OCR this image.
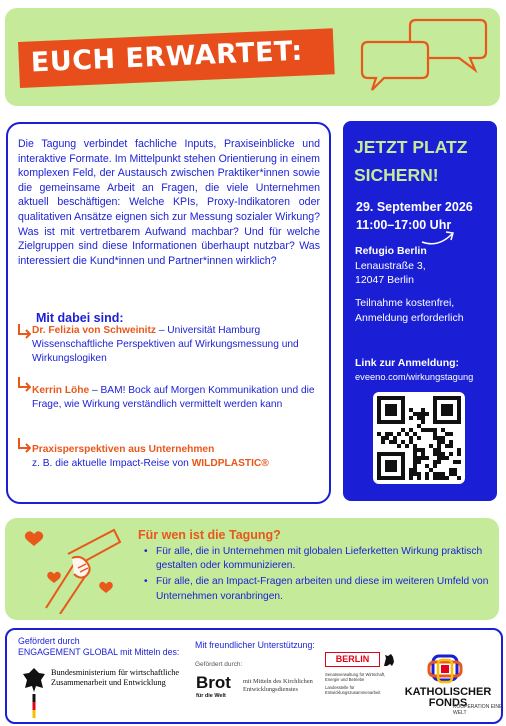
EUCH ERWARTET:
Die Tagung verbindet fachliche Inputs, Praxiseinblicke und interaktive Formate. Im Mittelpunkt stehen Orientierung in einem komplexen Feld, der Austausch zwischen Praktiker*innen sowie die gemeinsame Arbeit an Fragen, die viele Unternehmen aktuell beschäftigen: Welche KPIs, Proxy-Indikatoren oder qualitativen Ansätze eignen sich zur Messung sozialer Wirkung? Was ist mit vertretbarem Aufwand machbar? Und für welche Zielgruppen sind diese Informationen überhaupt nutzbar? Was interessiert die Kund*innen und Partner*innen wirklich?
Mit dabei sind:
Dr. Felizia von Schweinitz – Universität Hamburg Wissenschaftliche Perspektiven auf Wirkungsmessung und Wirkungslogiken
Kerrin Löhe – BAM! Bock auf Morgen Kommunikation und die Frage, wie Wirkung verständlich vermittelt werden kann
Praxisperspektiven aus Unternehmen
z. B. die aktuelle Impact-Reise von WILDPLASTIC®
JETZT PLATZ SICHERN!
29. September 2026
11:00–17:00 Uhr
Refugio Berlin
Lenaustraße 3,
12047 Berlin
Teilnahme kostenfrei,
Anmeldung erforderlich
Link zur Anmeldung:
eveeno.com/wirkungstagung
Für wen ist die Tagung?
• Für alle, die in Unternehmen mit globalen Lieferketten Wirkung praktisch gestalten oder kommunizieren.
• Für alle, die an Impact-Fragen arbeiten und diese im weiteren Umfeld von Unternehmen voranbringen.
Gefördert durch
ENGAGEMENT GLOBAL mit Mitteln des:
Bundesministerium für wirtschaftliche Zusammenarbeit und Entwicklung
Mit freundlicher Unterstützung:
Gefördert durch:
Brot
für die Welt
mit Mitteln des Kirchlichen Entwicklungsdienstes
BERLIN
Senatsverwaltung für Wirtschaft, Energie und Betriebe
Landesstelle für Entwicklungszusammenarbeit	KATHOLISCHER
FONDS
KOOPERATION EINE WELT
